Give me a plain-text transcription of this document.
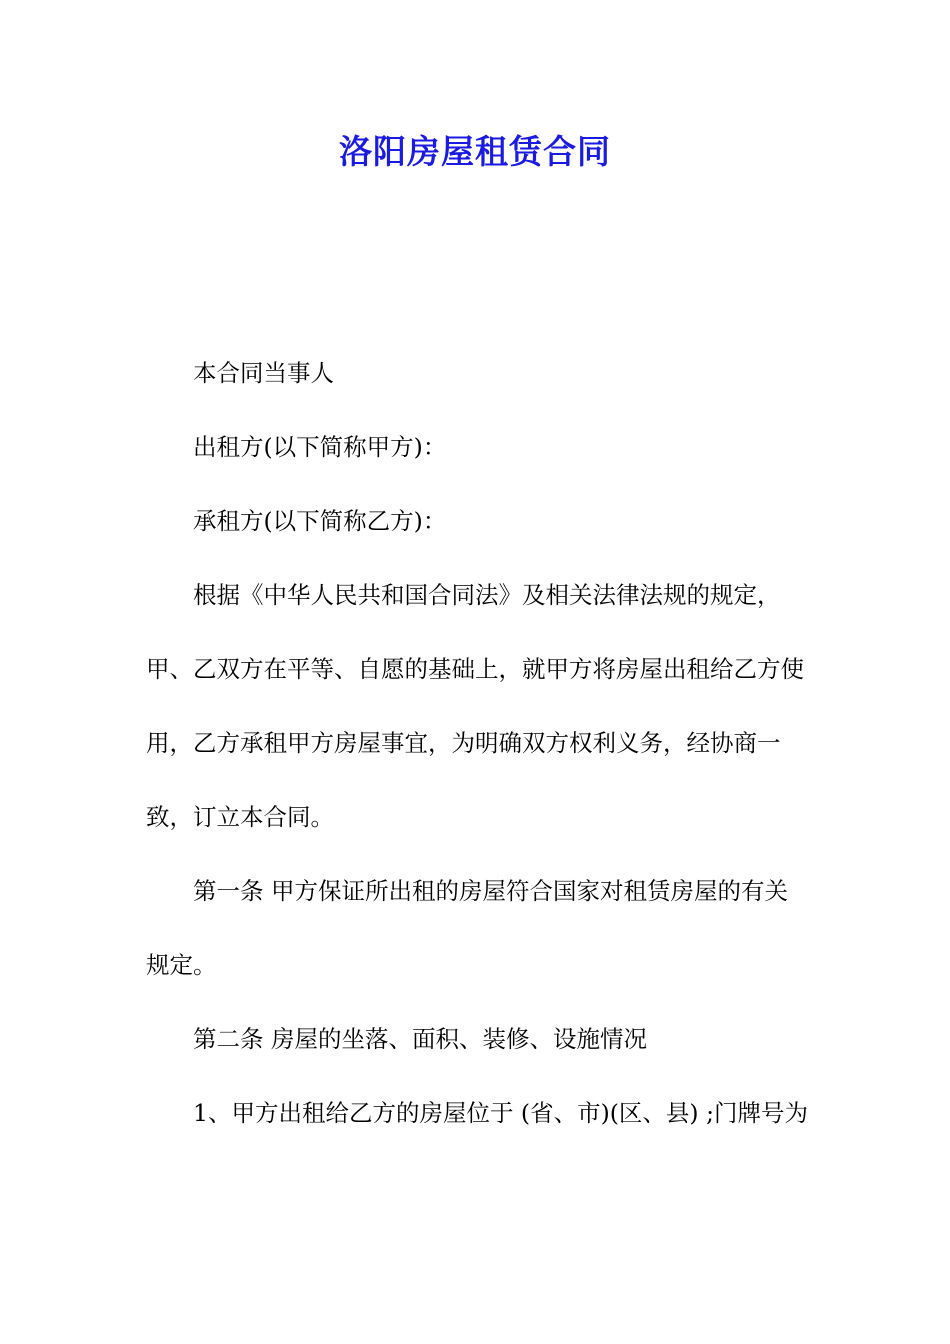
洛阳房屋租赁合同

本合同当事人

出租方(以下简称甲方)：

承租方(以下简称乙方)：

根据《中华人民共和国合同法》及相关法律法规的规定，甲、乙双方在平等、自愿的基础上，就甲方将房屋出租给乙方使用，乙方承租甲方房屋事宜，为明确双方权利义务，经协商一致，订立本合同。

第一条 甲方保证所出租的房屋符合国家对租赁房屋的有关规定。

第二条 房屋的坐落、面积、装修、设施情况

1、甲方出租给乙方的房屋位于 (省、市)(区、县) ;门牌号为
